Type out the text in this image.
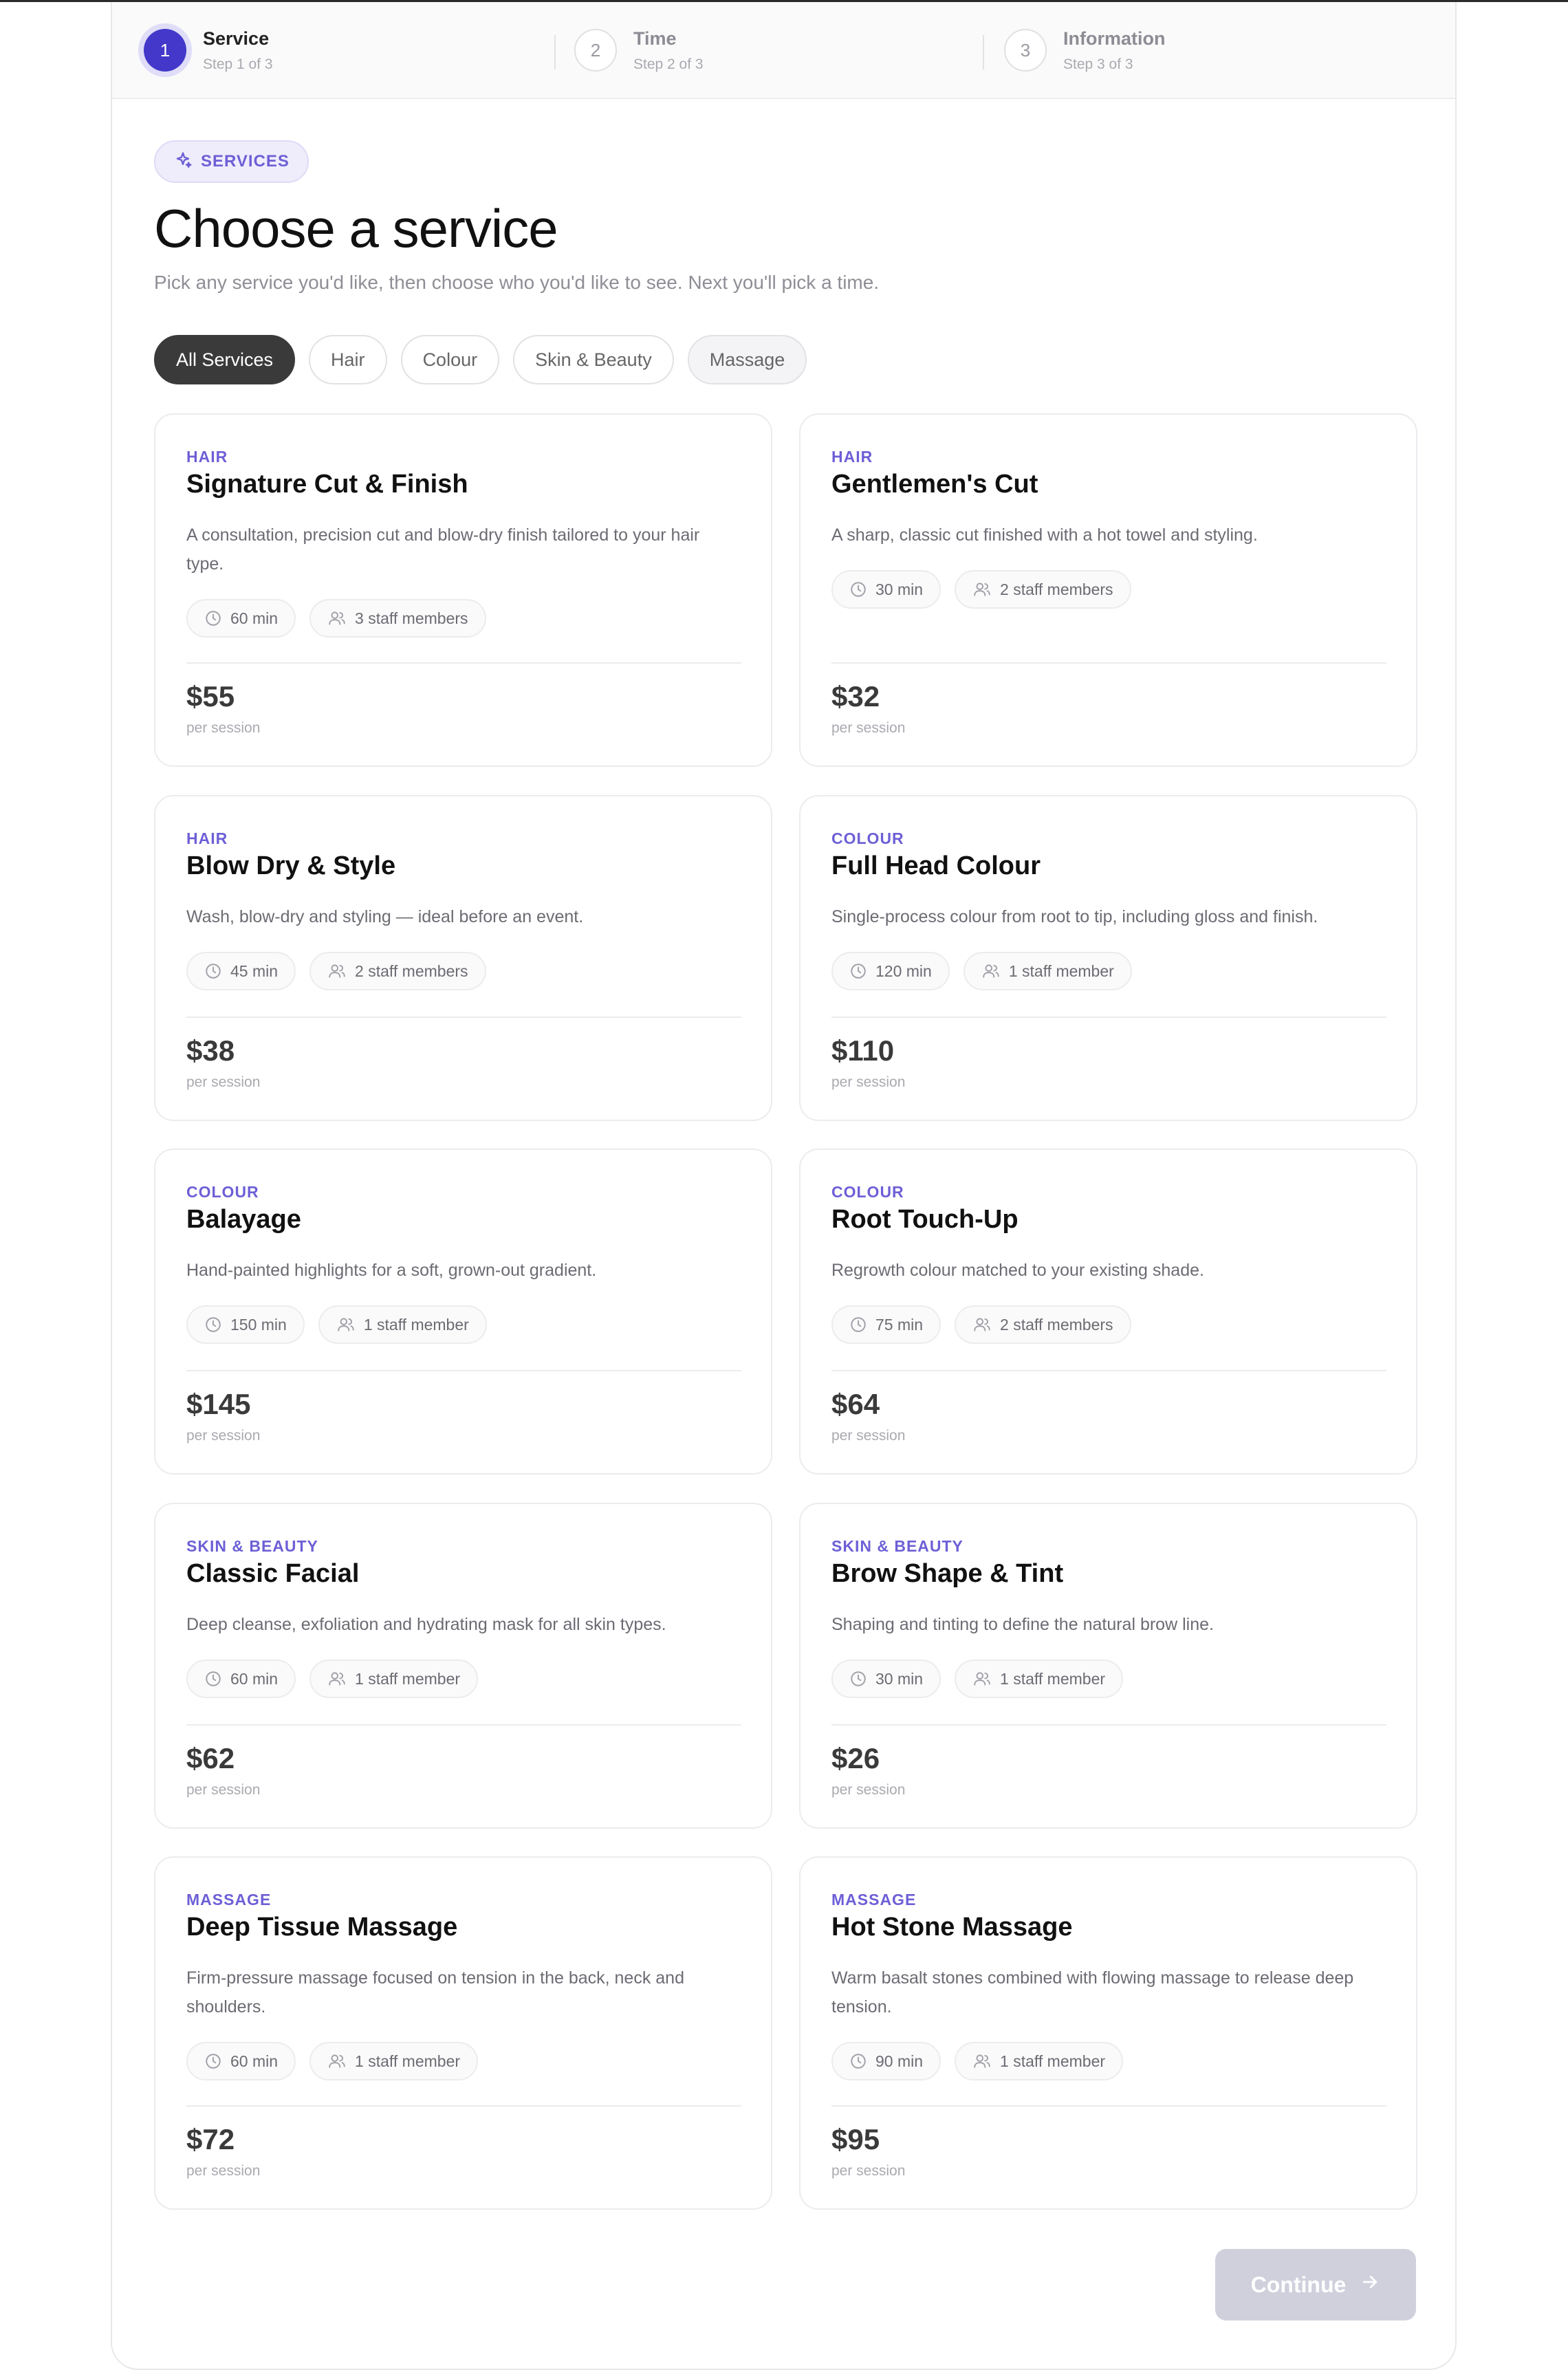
1
Service
Step 1 of 3
2
Time
Step 2 of 3
3
Information
Step 3 of 3
SERVICES
Choose a service

Pick any service you'd like, then choose who you'd like to see. Next you'll pick a time.

All Services	Hair	Colour	Skin & Beauty	Massage
HAIR
Signature Cut & Finish
A consultation, precision cut and blow-dry finish tailored to your hair type.
60 min	3 staff members
$55
per session
HAIR
Gentlemen's Cut
A sharp, classic cut finished with a hot towel and styling.
30 min	2 staff members
$32
per session
HAIR
Blow Dry & Style
Wash, blow-dry and styling — ideal before an event.
45 min	2 staff members
$38
per session
COLOUR
Full Head Colour
Single-process colour from root to tip, including gloss and finish.
120 min	1 staff member
$110
per session
COLOUR
Balayage
Hand-painted highlights for a soft, grown-out gradient.
150 min	1 staff member
$145
per session
COLOUR
Root Touch-Up
Regrowth colour matched to your existing shade.
75 min	2 staff members
$64
per session
SKIN & BEAUTY
Classic Facial
Deep cleanse, exfoliation and hydrating mask for all skin types.
60 min	1 staff member
$62
per session
SKIN & BEAUTY
Brow Shape & Tint
Shaping and tinting to define the natural brow line.
30 min	1 staff member
$26
per session
MASSAGE
Deep Tissue Massage
Firm-pressure massage focused on tension in the back, neck and shoulders.
60 min	1 staff member
$72
per session
MASSAGE
Hot Stone Massage
Warm basalt stones combined with flowing massage to release deep tension.
90 min	1 staff member
$95
per session
Continue
